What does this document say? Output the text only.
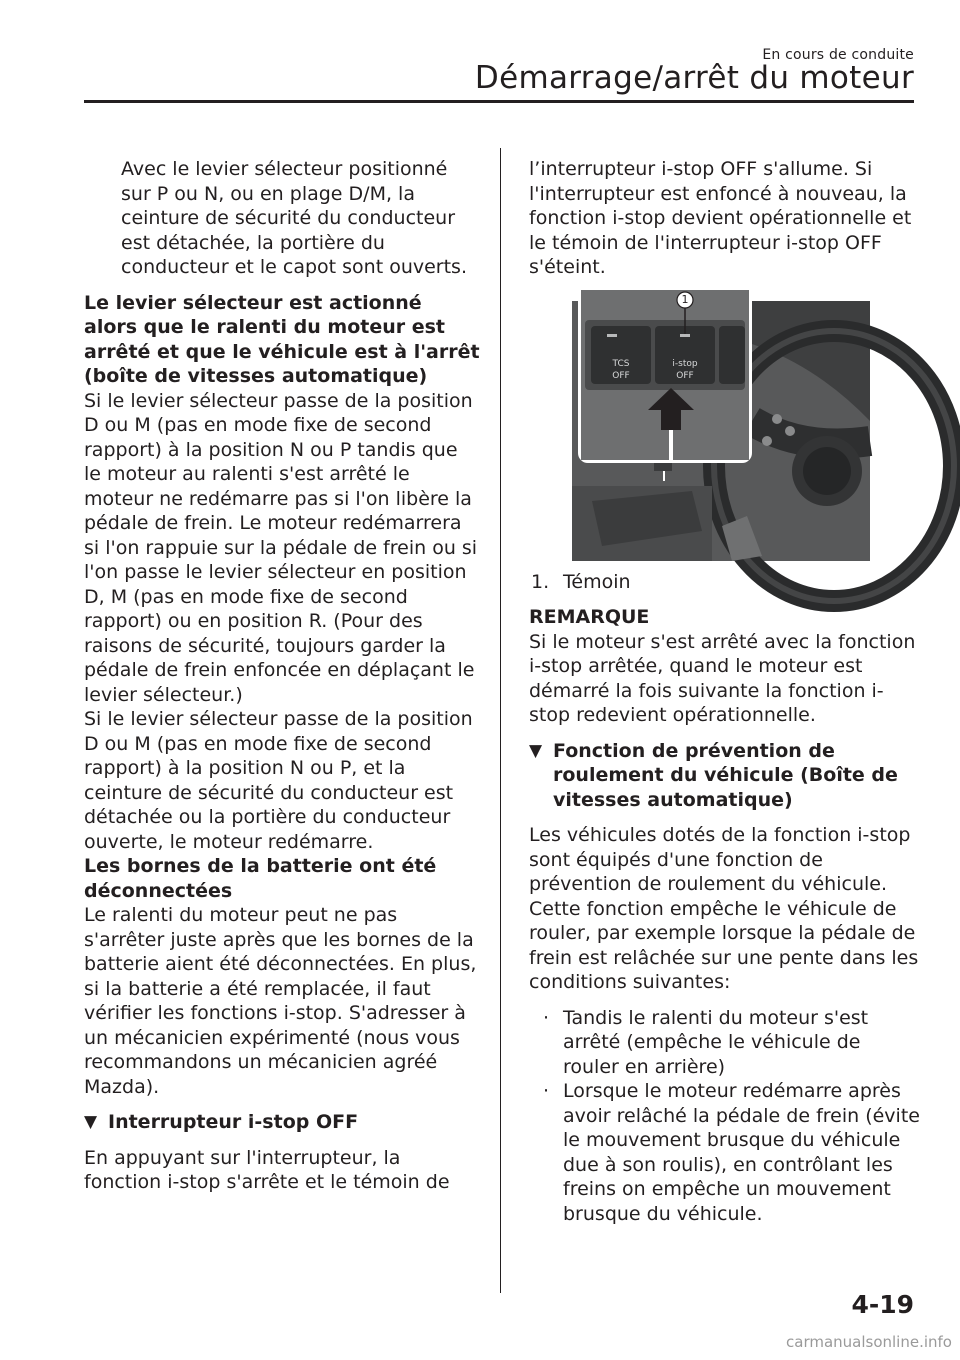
En cours de conduite
Démarrage/arrêt du moteur

Avec le levier sélecteur positionné sur P ou N, ou en plage D/M, la ceinture de sécurité du conducteur est détachée, la portière du conducteur et le capot sont ouverts.

Le levier sélecteur est actionné alors que le ralenti du moteur est arrêté et que le véhicule est à l'arrêt (boîte de vitesses automatique)

Si le levier sélecteur passe de la position D ou M (pas en mode fixe de second rapport) à la position N ou P tandis que le moteur au ralenti s'est arrêté le moteur ne redémarre pas si l'on libère la pédale de frein. Le moteur redémarrera si l'on rappuie sur la pédale de frein ou si l'on passe le levier sélecteur en position D, M (pas en mode fixe de second rapport) ou en position R. (Pour des raisons de sécurité, toujours garder la pédale de frein enfoncée en déplaçant le levier sélecteur.)

Si le levier sélecteur passe de la position D ou M (pas en mode fixe de second rapport) à la position N ou P, et la ceinture de sécurité du conducteur est détachée ou la portière du conducteur ouverte, le moteur redémarre.

Les bornes de la batterie ont été déconnectées

Le ralenti du moteur peut ne pas s'arrêter juste après que les bornes de la batterie aient été déconnectées. En plus, si la batterie a été remplacée, il faut vérifier les fonctions i-stop. S'adresser à un mécanicien expérimenté (nous vous recommandons un mécanicien agréé Mazda).

▼ Interrupteur i-stop OFF

En appuyant sur l'interrupteur, la fonction i-stop s'arrête et le témoin de

l’interrupteur i-stop OFF s'allume. Si l'interrupteur est enfoncé à nouveau, la fonction i-stop devient opérationnelle et le témoin de l'interrupteur i-stop OFF s'éteint.

1
TCS
OFF
i-stop
OFF
1. Témoin

REMARQUE

Si le moteur s'est arrêté avec la fonction i-stop arrêtée, quand le moteur est démarré la fois suivante la fonction i-stop redevient opérationnelle.

▼ Fonction de prévention de roulement du véhicule (Boîte de vitesses automatique)

Les véhicules dotés de la fonction i-stop sont équipés d'une fonction de prévention de roulement du véhicule. Cette fonction empêche le véhicule de rouler, par exemple lorsque la pédale de frein est relâchée sur une pente dans les conditions suivantes:

· Tandis le ralenti du moteur s'est arrêté (empêche le véhicule de rouler en arrière)
· Lorsque le moteur redémarre après avoir relâché la pédale de frein (évite le mouvement brusque du véhicule due à son roulis), en contrôlant les freins on empêche un mouvement brusque du véhicule.
4-19
carmanualsonline.info
